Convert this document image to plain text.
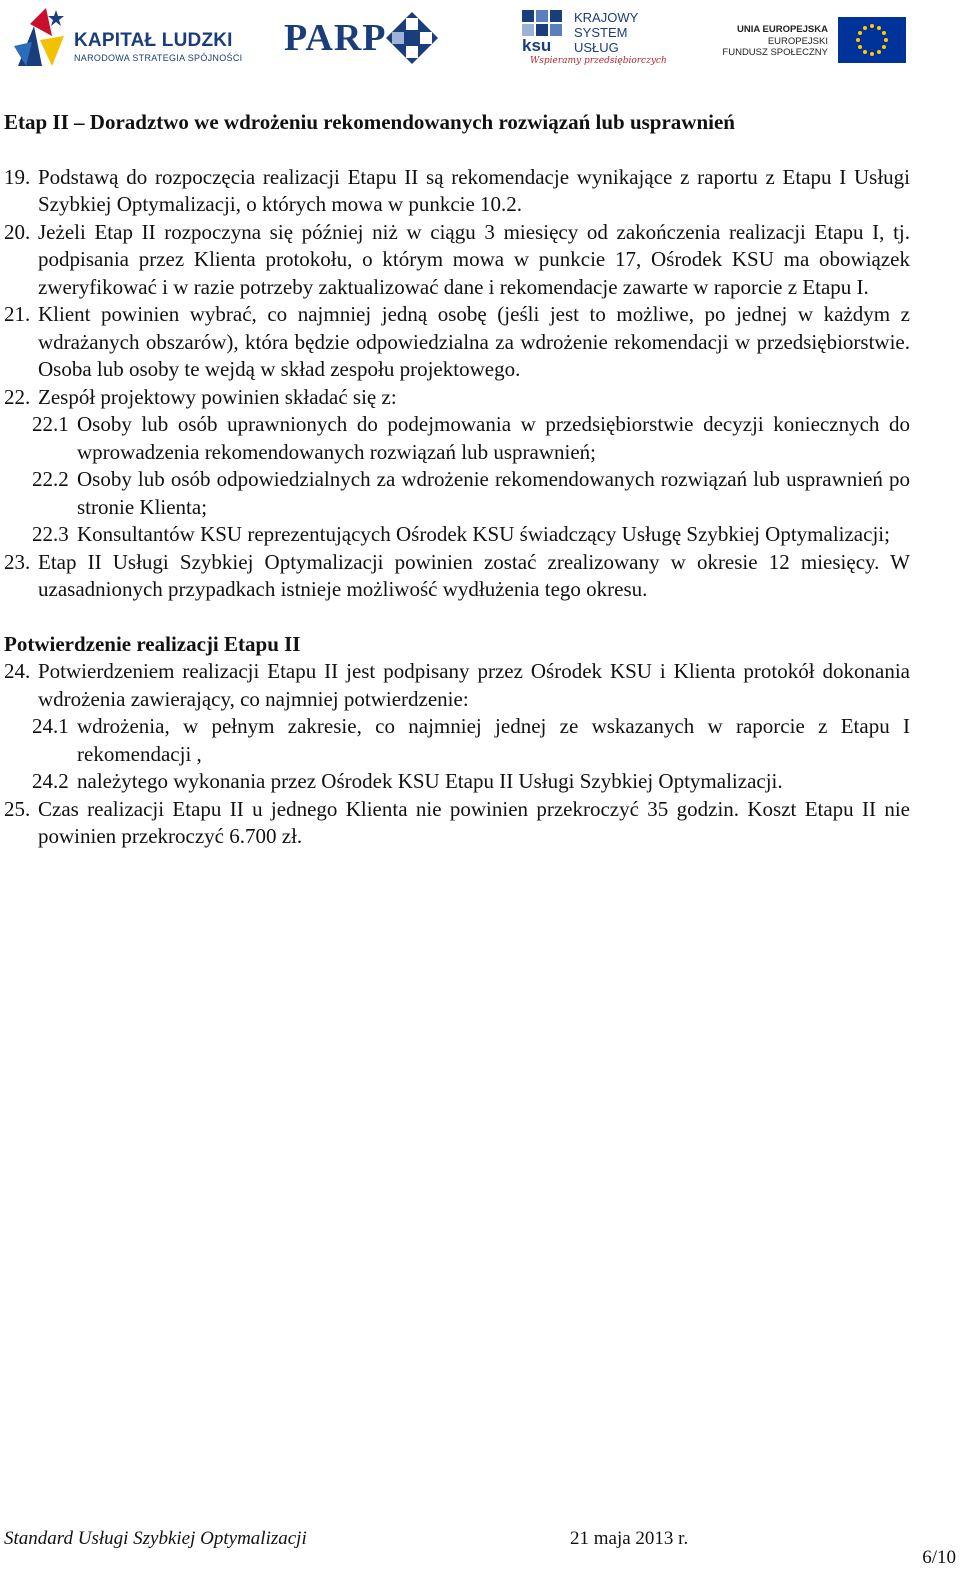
KAPITAŁ LUDZKI
NARODOWA STRATEGIA SPÓJNOŚCI PARP	ksu
KRAJOWY
SYSTEM
USŁUG
Wspieramy przedsiębiorczych
UNIA EUROPEJSKA
EUROPEJSKI
FUNDUSZ SPOŁECZNY

Etap II – Doradztwo we wdrożeniu rekomendowanych rozwiązań lub usprawnień

19. Podstawą do rozpoczęcia realizacji Etapu II są rekomendacje wynikające z raportu z Etapu I Usługi Szybkiej Optymalizacji, o których mowa w punkcie 10.2.
20. Jeżeli Etap II rozpoczyna się później niż w ciągu 3 miesięcy od zakończenia realizacji Etapu I, tj. podpisania przez Klienta protokołu, o którym mowa w punkcie 17, Ośrodek KSU ma obowiązek zweryfikować i w razie potrzeby zaktualizować dane i rekomendacje zawarte w raporcie z Etapu I.
21. Klient powinien wybrać, co najmniej jedną osobę (jeśli jest to możliwe, po jednej w każdym z wdrażanych obszarów), która będzie odpowiedzialna za wdrożenie rekomendacji w przedsiębiorstwie. Osoba lub osoby te wejdą w skład zespołu projektowego.
22. Zespół projektowy powinien składać się z:
22.1 Osoby lub osób uprawnionych do podejmowania w przedsiębiorstwie decyzji koniecznych do wprowadzenia rekomendowanych rozwiązań lub usprawnień;
22.2 Osoby lub osób odpowiedzialnych za wdrożenie rekomendowanych rozwiązań lub usprawnień po stronie Klienta;
22.3 Konsultantów KSU reprezentujących Ośrodek KSU świadczący Usługę Szybkiej Optymalizacji;
23. Etap II Usługi Szybkiej Optymalizacji powinien zostać zrealizowany w okresie 12 miesięcy. W uzasadnionych przypadkach istnieje możliwość wydłużenia tego okresu.

Potwierdzenie realizacji Etapu II

24. Potwierdzeniem realizacji Etapu II jest podpisany przez Ośrodek KSU i Klienta protokół dokonania wdrożenia zawierający, co najmniej potwierdzenie:
24.1 wdrożenia, w pełnym zakresie, co najmniej jednej ze wskazanych w raporcie z Etapu I rekomendacji ,
24.2 należytego wykonania przez Ośrodek KSU Etapu II Usługi Szybkiej Optymalizacji.
25. Czas realizacji Etapu II u jednego Klienta nie powinien przekroczyć 35 godzin. Koszt Etapu II nie powinien przekroczyć 6.700 zł.
Standard Usługi Szybkiej Optymalizacji	21 maja 2013 r.
6/10
